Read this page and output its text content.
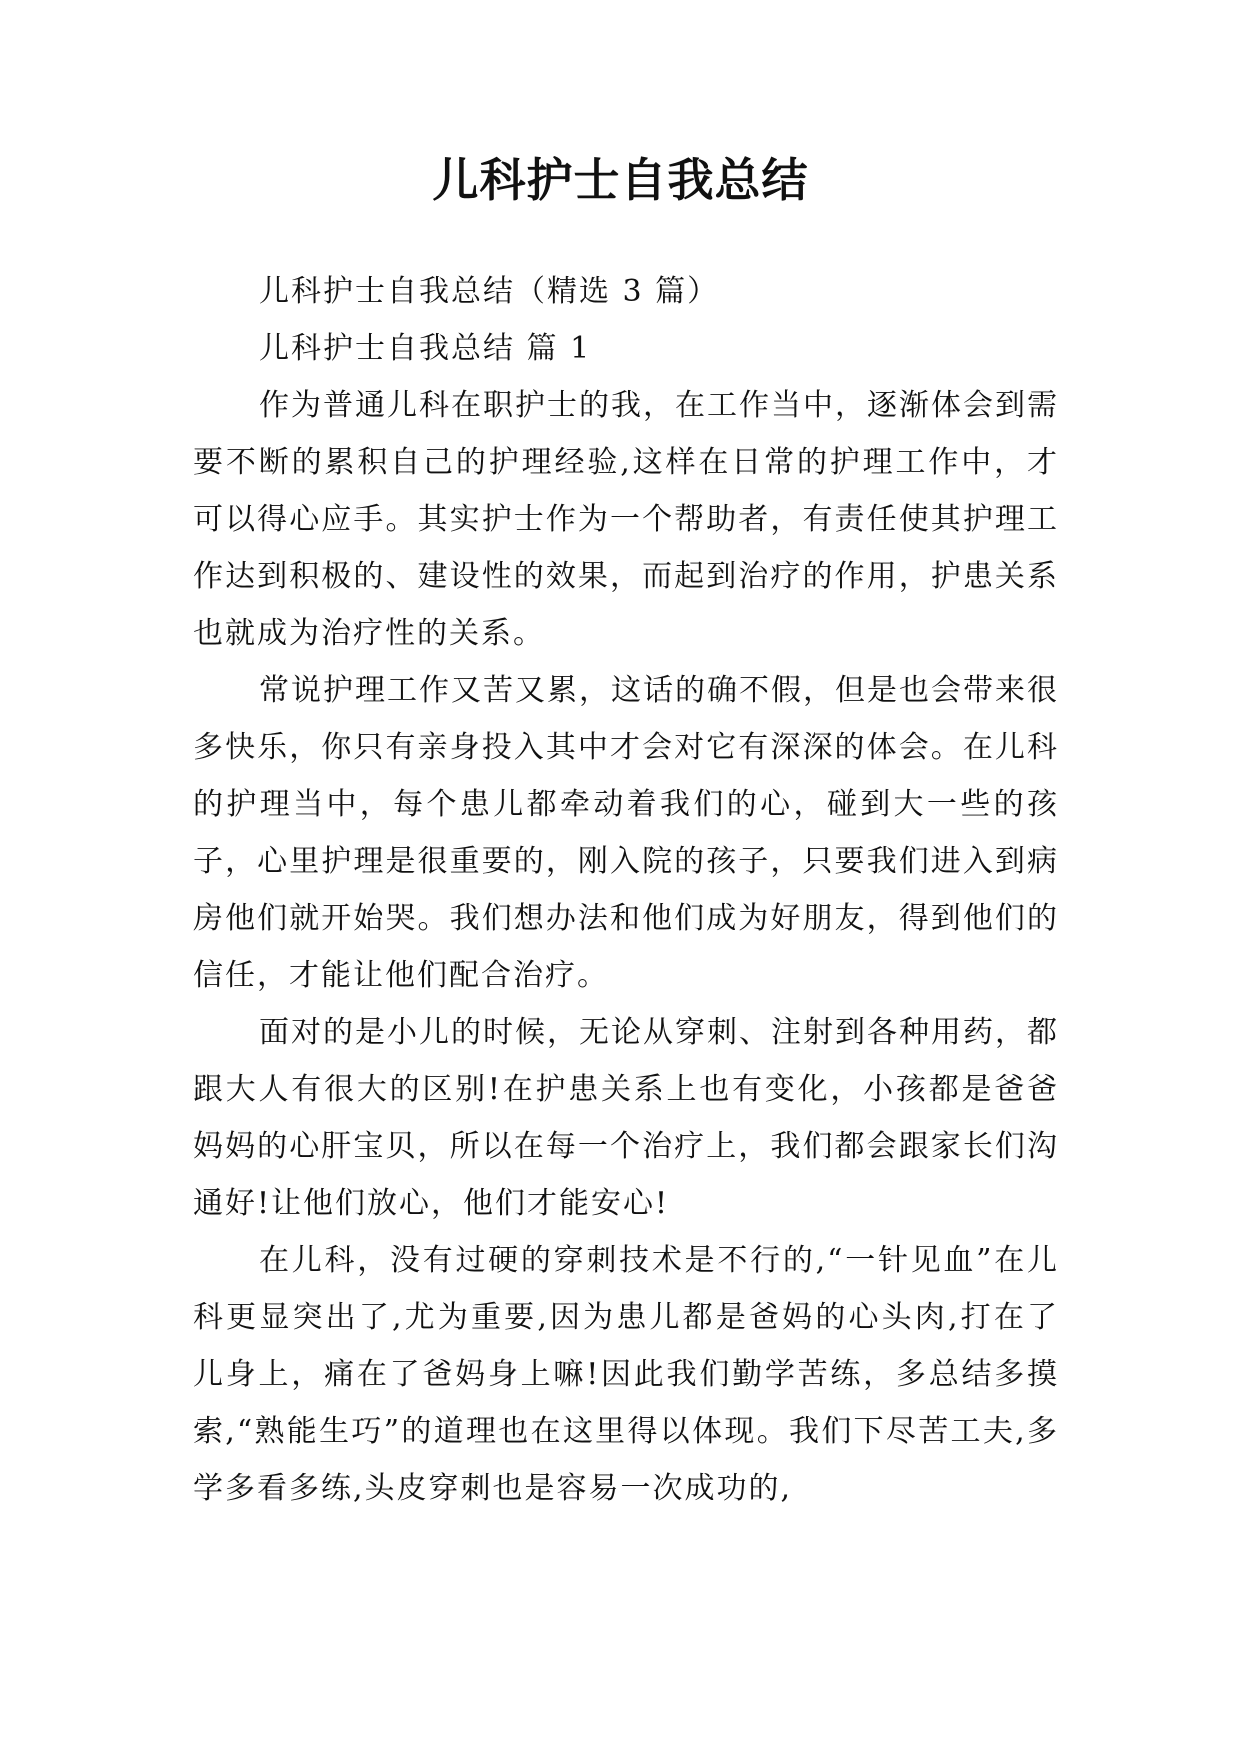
儿科护士自我总结

儿科护士自我总结（精选 3 篇）

儿科护士自我总结 篇 1

作为普通儿科在职护士的我，在工作当中，逐渐体会到需要不断的累积自己的护理经验,这样在日常的护理工作中，才可以得心应手。其实护士作为一个帮助者，有责任使其护理工作达到积极的、建设性的效果，而起到治疗的作用，护患关系也就成为治疗性的关系。

常说护理工作又苦又累，这话的确不假，但是也会带来很多快乐，你只有亲身投入其中才会对它有深深的体会。在儿科的护理当中，每个患儿都牵动着我们的心，碰到大一些的孩子，心里护理是很重要的，刚入院的孩子，只要我们进入到病房他们就开始哭。我们想办法和他们成为好朋友，得到他们的信任，才能让他们配合治疗。

面对的是小儿的时候，无论从穿刺、注射到各种用药，都跟大人有很大的区别!在护患关系上也有变化，小孩都是爸爸妈妈的心肝宝贝，所以在每一个治疗上，我们都会跟家长们沟通好!让他们放心，他们才能安心!

在儿科，没有过硬的穿刺技术是不行的,“一针见血”在儿科更显突出了,尤为重要,因为患儿都是爸妈的心头肉,打在了儿身上，痛在了爸妈身上嘛!因此我们勤学苦练，多总结多摸索,“熟能生巧”的道理也在这里得以体现。我们下尽苦工夫,多学多看多练,头皮穿刺也是容易一次成功的,
